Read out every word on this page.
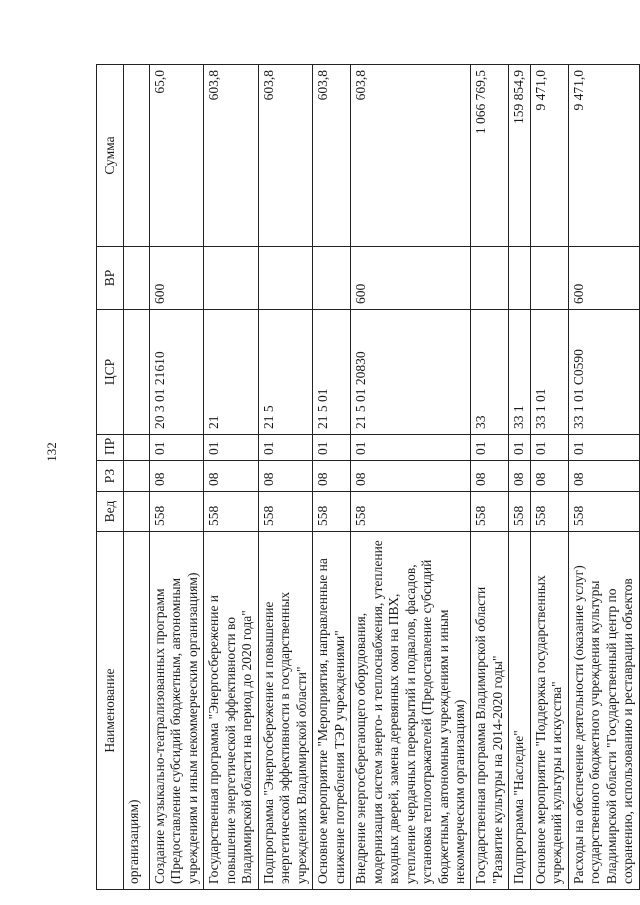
132
Наименование	Вед	РЗ	ПР	ЦСР	ВР	Сумма
организациям)						
Создание музыкально-театрализованных программ (Предоставление субсидий бюджетным, автономным учреждениям и иным некоммерческим организациям)	558	08	01	20 3 01 21610	600	65,0
Государственная программа "Энергосбережение и повышение энергетической эффективности во Владимирской области на период до 2020 года"	558	08	01	21		603,8
Подпрограмма "Энергосбережение и повышение энергетической эффективности в государственных учреждениях Владимирской области"	558	08	01	21 5		603,8
Основное мероприятие "Мероприятия, направленные на снижение потребления ТЭР учреждениями"	558	08	01	21 5 01		603,8
Внедрение энергосберегающего оборудования, модернизация систем энерго- и теплоснабжения, утепление входных дверей, замена деревянных окон на ПВХ, утепление чердачных перекрытий и подвалов, фасадов, установка теплоотражателей (Предоставление субсидий бюджетным, автономным учреждениям и иным некоммерческим организациям)	558	08	01	21 5 01 20830	600	603,8
Государственная программа Владимирской области "Развитие культуры на 2014-2020 годы"	558	08	01	33		1 066 769,5
Подпрограмма "Наследие"	558	08	01	33 1		159 854,9
Основное мероприятие "Поддержка государственных учреждений культуры и искусства"	558	08	01	33 1 01		9 471,0
Расходы на обеспечение деятельности (оказание услуг) государственного бюджетного учреждения культуры Владимирской области "Государственный центр по сохранению, использованию и реставрации объектов	558	08	01	33 1 01 С0590	600	9 471,0
